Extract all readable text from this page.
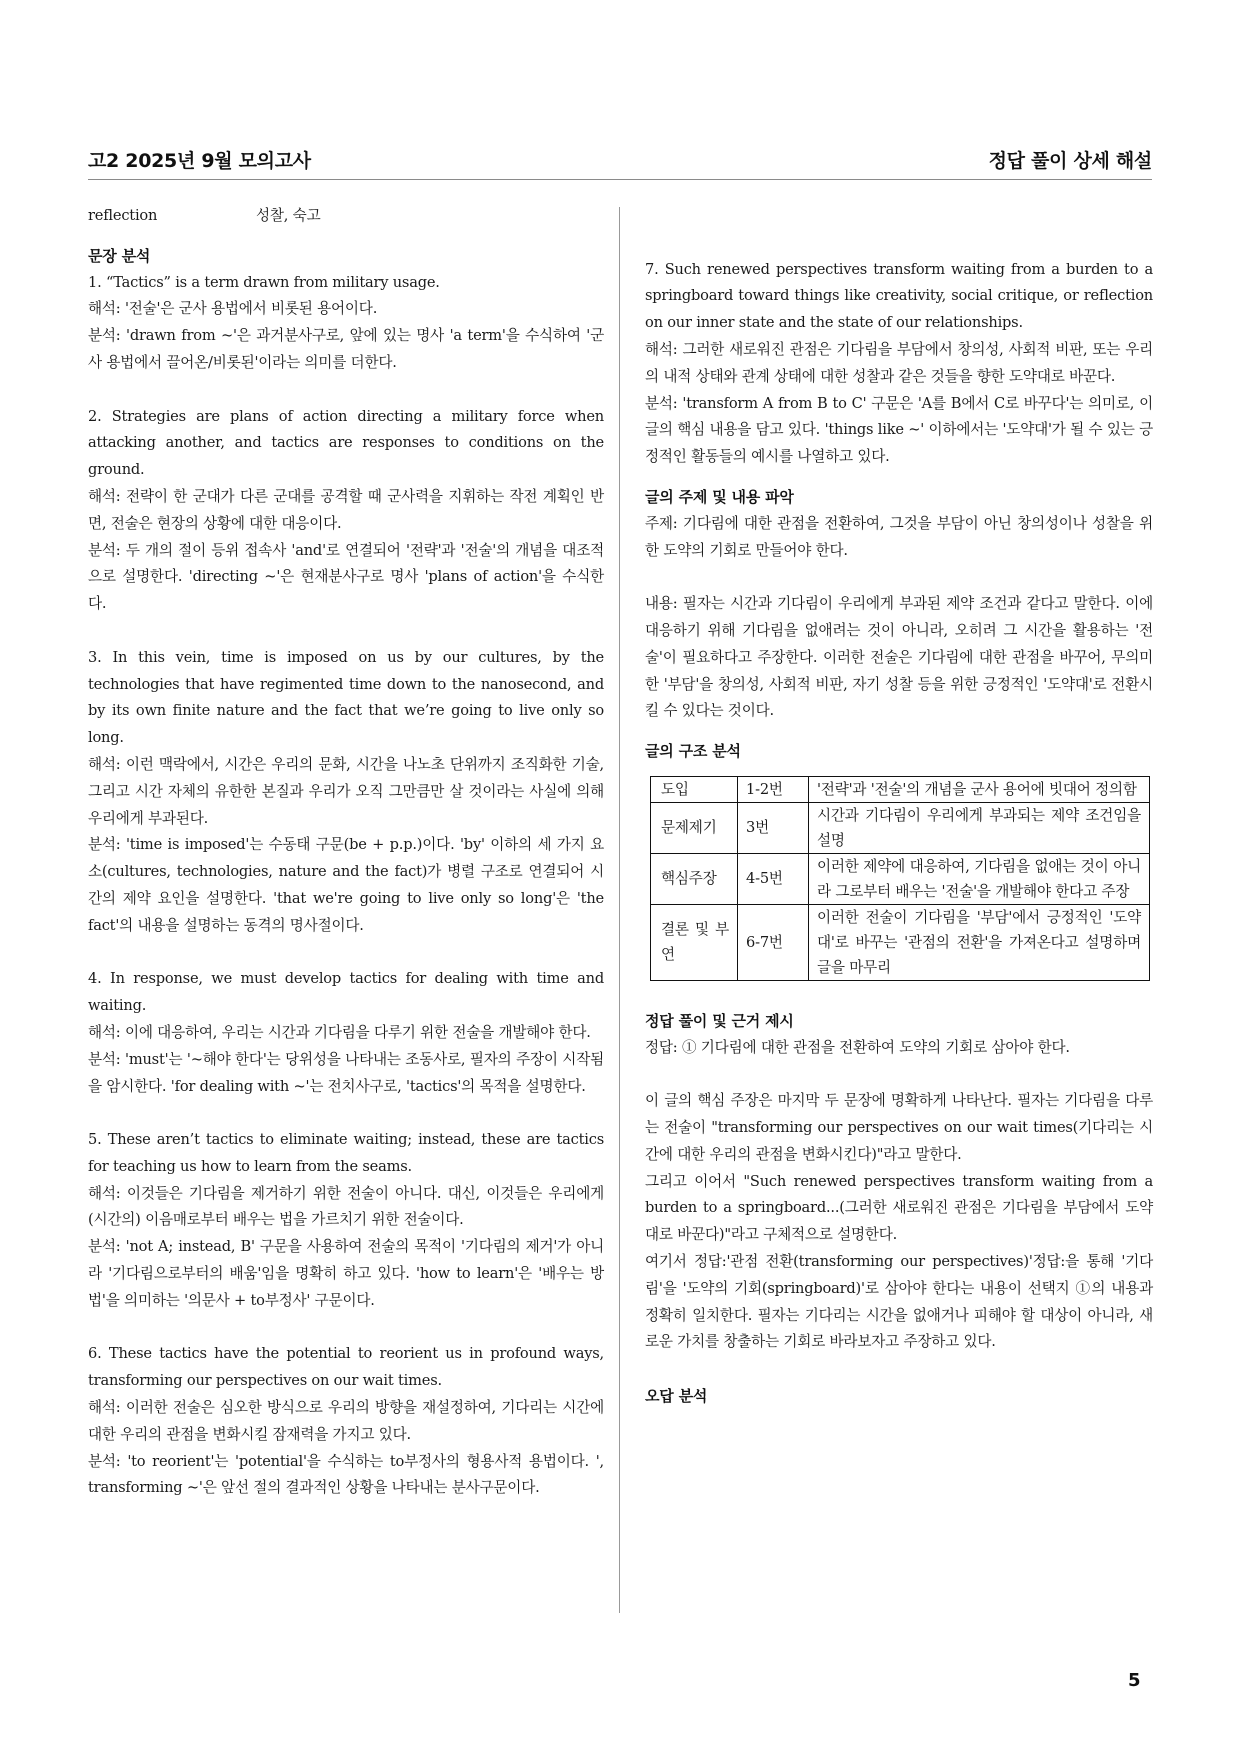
고2 2025년 9월 모의고사	정답 풀이 상세 해설
reflection	성찰, 숙고
문장 분석

1. “Tactics” is a term drawn from military usage.

해석: '전술'은 군사 용법에서 비롯된 용어이다.

분석: 'drawn from ~'은 과거분사구로, 앞에 있는 명사 'a term'을 수식하여 '군사 용법에서 끌어온/비롯된'이라는 의미를 더한다.

2. Strategies are plans of action directing a military force when attacking another, and tactics are responses to conditions on the ground.

해석: 전략이 한 군대가 다른 군대를 공격할 때 군사력을 지휘하는 작전 계획인 반면, 전술은 현장의 상황에 대한 대응이다.

분석: 두 개의 절이 등위 접속사 'and'로 연결되어 '전략'과 '전술'의 개념을 대조적으로 설명한다. 'directing ~'은 현재분사구로 명사 'plans of action'을 수식한다.

3. In this vein, time is imposed on us by our cultures, by the technologies that have regimented time down to the nanosecond, and by its own finite nature and the fact that we’re going to live only so long.

해석: 이런 맥락에서, 시간은 우리의 문화, 시간을 나노초 단위까지 조직화한 기술, 그리고 시간 자체의 유한한 본질과 우리가 오직 그만큼만 살 것이라는 사실에 의해 우리에게 부과된다.

분석: 'time is imposed'는 수동태 구문(be + p.p.)이다. 'by' 이하의 세 가지 요소(cultures, technologies, nature and the fact)가 병렬 구조로 연결되어 시간의 제약 요인을 설명한다. 'that we're going to live only so long'은 'the fact'의 내용을 설명하는 동격의 명사절이다.

4. In response, we must develop tactics for dealing with time and waiting.

해석: 이에 대응하여, 우리는 시간과 기다림을 다루기 위한 전술을 개발해야 한다.

분석: 'must'는 '~해야 한다'는 당위성을 나타내는 조동사로, 필자의 주장이 시작됨을 암시한다. 'for dealing with ~'는 전치사구로, 'tactics'의 목적을 설명한다.

5. These aren’t tactics to eliminate waiting; instead, these are tactics for teaching us how to learn from the seams.

해석: 이것들은 기다림을 제거하기 위한 전술이 아니다. 대신, 이것들은 우리에게 (시간의) 이음매로부터 배우는 법을 가르치기 위한 전술이다.

분석: 'not A; instead, B' 구문을 사용하여 전술의 목적이 '기다림의 제거'가 아니라 '기다림으로부터의 배움'임을 명확히 하고 있다. 'how to learn'은 '배우는 방법'을 의미하는 '의문사 + to부정사' 구문이다.

6. These tactics have the potential to reorient us in profound ways, transforming our perspectives on our wait times.

해석: 이러한 전술은 심오한 방식으로 우리의 방향을 재설정하여, 기다리는 시간에 대한 우리의 관점을 변화시킬 잠재력을 가지고 있다.

분석: 'to reorient'는 'potential'을 수식하는 to부정사의 형용사적 용법이다. ', transforming ~'은 앞선 절의 결과적인 상황을 나타내는 분사구문이다.

7. Such renewed perspectives transform waiting from a burden to a springboard toward things like creativity, social critique, or reflection on our inner state and the state of our relationships.

해석: 그러한 새로워진 관점은 기다림을 부담에서 창의성, 사회적 비판, 또는 우리의 내적 상태와 관계 상태에 대한 성찰과 같은 것들을 향한 도약대로 바꾼다.

분석: 'transform A from B to C' 구문은 'A를 B에서 C로 바꾸다'는 의미로, 이 글의 핵심 내용을 담고 있다. 'things like ~' 이하에서는 '도약대'가 될 수 있는 긍정적인 활동들의 예시를 나열하고 있다.

글의 주제 및 내용 파악

주제: 기다림에 대한 관점을 전환하여, 그것을 부담이 아닌 창의성이나 성찰을 위한 도약의 기회로 만들어야 한다.

내용: 필자는 시간과 기다림이 우리에게 부과된 제약 조건과 같다고 말한다. 이에 대응하기 위해 기다림을 없애려는 것이 아니라, 오히려 그 시간을 활용하는 '전술'이 필요하다고 주장한다. 이러한 전술은 기다림에 대한 관점을 바꾸어, 무의미한 '부담'을 창의성, 사회적 비판, 자기 성찰 등을 위한 긍정적인 '도약대'로 전환시킬 수 있다는 것이다.

글의 구조 분석
도입	1-2번	'전략'과 '전술'의 개념을 군사 용어에 빗대어 정의함
문제제기	3번	시간과 기다림이 우리에게 부과되는 제약 조건임을 설명
핵심주장	4-5번	이러한 제약에 대응하여, 기다림을 없애는 것이 아니라 그로부터 배우는 '전술'을 개발해야 한다고 주장
결론 및 부연	6-7번	이러한 전술이 기다림을 '부담'에서 긍정적인 '도약대'로 바꾸는 '관점의 전환'을 가져온다고 설명하며 글을 마무리
정답 풀이 및 근거 제시

정답: ① 기다림에 대한 관점을 전환하여 도약의 기회로 삼아야 한다.

이 글의 핵심 주장은 마지막 두 문장에 명확하게 나타난다. 필자는 기다림을 다루는 전술이 "transforming our perspectives on our wait times(기다리는 시간에 대한 우리의 관점을 변화시킨다)"라고 말한다.

그리고 이어서 "Such renewed perspectives transform waiting from a burden to a springboard...(그러한 새로워진 관점은 기다림을 부담에서 도약대로 바꾼다)"라고 구체적으로 설명한다.

여기서 정답:'관점 전환(transforming our perspectives)'정답:을 통해 '기다림'을 '도약의 기회(springboard)'로 삼아야 한다는 내용이 선택지 ①의 내용과 정확히 일치한다. 필자는 기다리는 시간을 없애거나 피해야 할 대상이 아니라, 새로운 가치를 창출하는 기회로 바라보자고 주장하고 있다.

오답 분석
5
